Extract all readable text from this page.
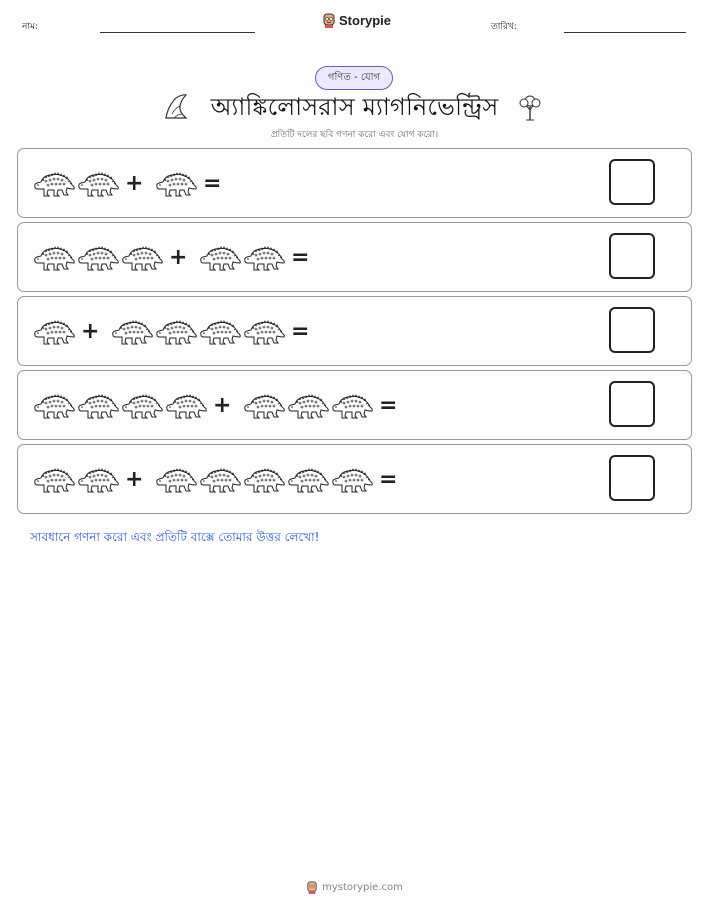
নাম:	Storypie	তারিখ:
গণিত - যোগ
অ্যাঙ্কিলোসরাস ম্যাগনিভেন্ট্রিস
প্রতিটি দলের ছবি গণনা করো এবং যোগ করো।
+	=
+	=
+	=
+	=
+	=
সাবধানে গণনা করো এবং প্রতিটি বাক্সে তোমার উত্তর লেখো!
mystorypie.com
